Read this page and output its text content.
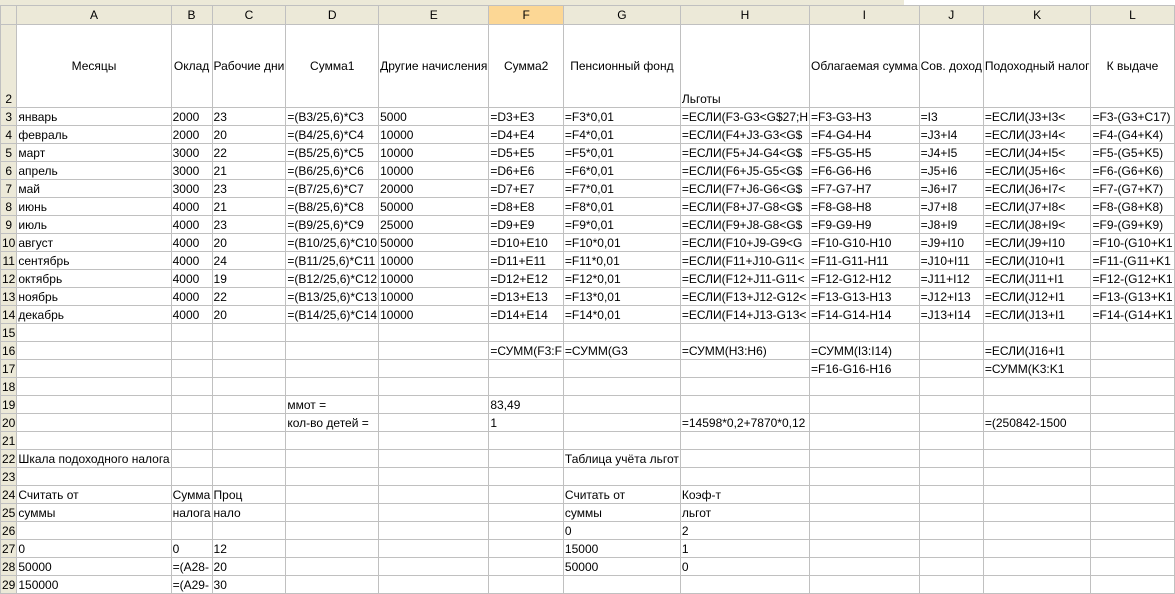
	A	B	C	D	E	F	G	H	I	J	K	L
2	Месяцы	Оклад	Рабочие дни	Сумма1	Другие начисления	Сумма2	Пенсионный фонд	Льготы	Облагаемая сумма	Сов. доход	Подоходный налог	К выдаче
3	январь	2000	23	=(B3/25,6)*C3	5000	=D3+E3	=F3*0,01	=ЕСЛИ(F3-G3<G$27;H	=F3-G3-H3	=I3	=ЕСЛИ(J3+I3<	=F3-(G3+C17)
4	февраль	2000	20	=(B4/25,6)*C4	10000	=D4+E4	=F4*0,01	=ЕСЛИ(F4+J3-G3<G$	=F4-G4-H4	=J3+I4	=ЕСЛИ(J3+I4<	=F4-(G4+K4)
5	март	3000	22	=(B5/25,6)*C5	10000	=D5+E5	=F5*0,01	=ЕСЛИ(F5+J4-G4<G$	=F5-G5-H5	=J4+I5	=ЕСЛИ(J4+I5<	=F5-(G5+K5)
6	апрель	3000	21	=(B6/25,6)*C6	10000	=D6+E6	=F6*0,01	=ЕСЛИ(F6+J5-G5<G$	=F6-G6-H6	=J5+I6	=ЕСЛИ(J5+I6<	=F6-(G6+K6)
7	май	3000	23	=(B7/25,6)*C7	20000	=D7+E7	=F7*0,01	=ЕСЛИ(F7+J6-G6<G$	=F7-G7-H7	=J6+I7	=ЕСЛИ(J6+I7<	=F7-(G7+K7)
8	июнь	4000	21	=(B8/25,6)*C8	50000	=D8+E8	=F8*0,01	=ЕСЛИ(F8+J7-G8<G$	=F8-G8-H8	=J7+I8	=ЕСЛИ(J7+I8<	=F8-(G8+K8)
9	июль	4000	23	=(B9/25,6)*C9	25000	=D9+E9	=F9*0,01	=ЕСЛИ(F9+J8-G8<G$	=F9-G9-H9	=J8+I9	=ЕСЛИ(J8+I9<	=F9-(G9+K9)
10	август	4000	20	=(B10/25,6)*C10	50000	=D10+E10	=F10*0,01	=ЕСЛИ(F10+J9-G9<G	=F10-G10-H10	=J9+I10	=ЕСЛИ(J9+I10	=F10-(G10+K1
11	сентябрь	4000	24	=(B11/25,6)*C11	10000	=D11+E11	=F11*0,01	=ЕСЛИ(F11+J10-G11<	=F11-G11-H11	=J10+I11	=ЕСЛИ(J10+I1	=F11-(G11+K1
12	октябрь	4000	19	=(B12/25,6)*C12	10000	=D12+E12	=F12*0,01	=ЕСЛИ(F12+J11-G11<	=F12-G12-H12	=J11+I12	=ЕСЛИ(J11+I1	=F12-(G12+K1
13	ноябрь	4000	22	=(B13/25,6)*C13	10000	=D13+E13	=F13*0,01	=ЕСЛИ(F13+J12-G12<	=F13-G13-H13	=J12+I13	=ЕСЛИ(J12+I1	=F13-(G13+K1
14	декабрь	4000	20	=(B14/25,6)*C14	10000	=D14+E14	=F14*0,01	=ЕСЛИ(F14+J13-G13<	=F14-G14-H14	=J13+I14	=ЕСЛИ(J13+I1	=F14-(G14+K1
15												
16						=СУММ(F3:F	=СУММ(G3	=СУММ(H3:H6)	=СУММ(I3:I14)		=ЕСЛИ(J16+I1	
17									=F16-G16-H16		=СУММ(K3:K1	
18												
19				ммот =		83,49						
20				кол-во детей =		1		=14598*0,2+7870*0,12			=(250842-1500	
21												
22	Шкала подоходного налога						Таблица учёта льгот					
23												
24	Считать от	Сумма	Проц				Считать от	Коэф-т				
25	суммы	налога	нало				суммы	льгот				
26							0	2				
27	0	0	12				15000	1				
28	50000	=(A28-	20				50000	0				
29	150000	=(A29-	30									
